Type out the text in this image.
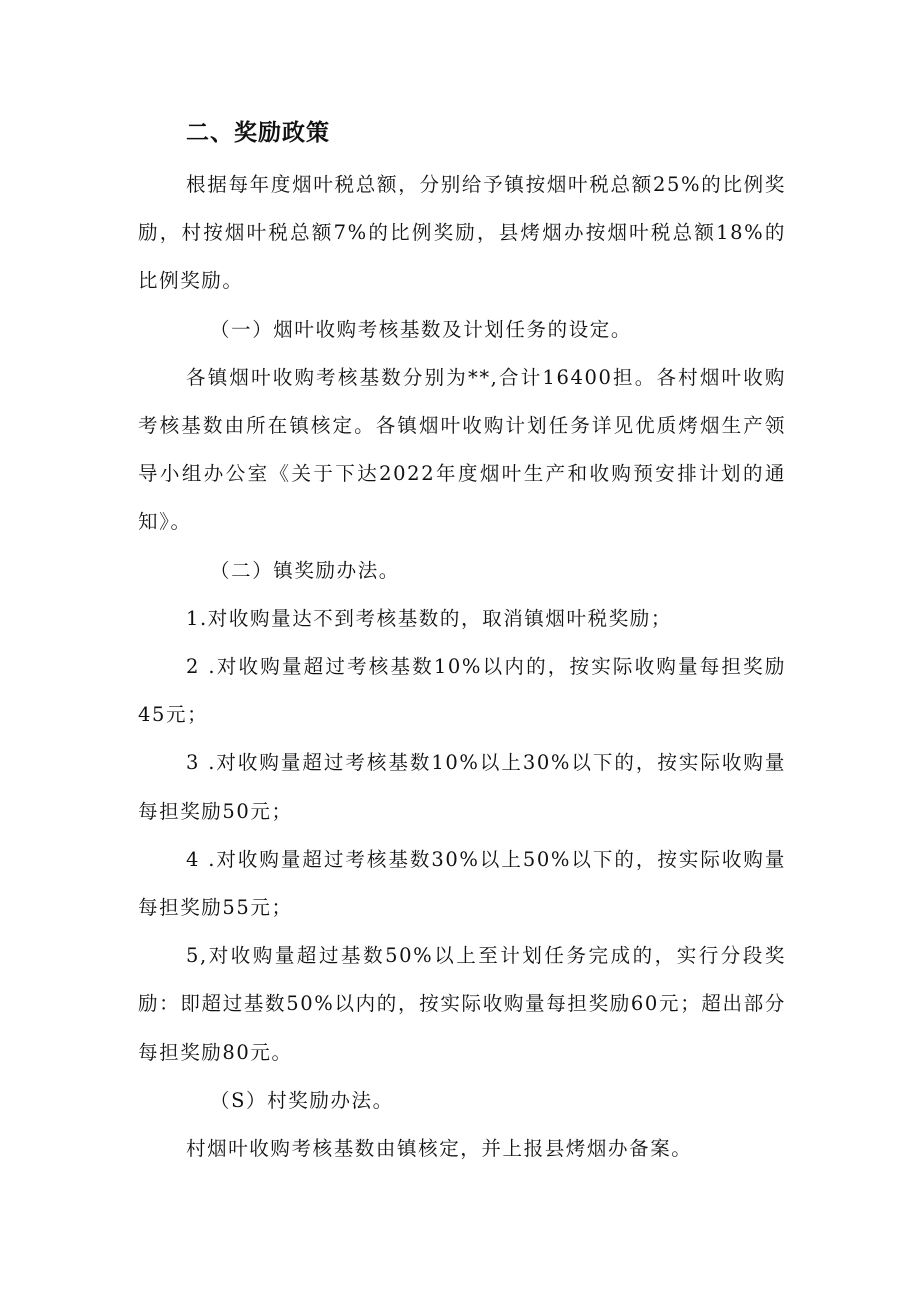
二、奖励政策

根据每年度烟叶税总额，分别给予镇按烟叶税总额25%的比例奖励，村按烟叶税总额7%的比例奖励，县烤烟办按烟叶税总额18%的比例奖励。

（一）烟叶收购考核基数及计划任务的设定。

各镇烟叶收购考核基数分别为**,合计16400担。各村烟叶收购考核基数由所在镇核定。各镇烟叶收购计划任务详见优质烤烟生产领导小组办公室《关于下达2022年度烟叶生产和收购预安排计划的通知》。

（二）镇奖励办法。

1.对收购量达不到考核基数的，取消镇烟叶税奖励；

2 .对收购量超过考核基数10%以内的，按实际收购量每担奖励45元；

3 .对收购量超过考核基数10%以上30%以下的，按实际收购量每担奖励50元；

4 .对收购量超过考核基数30%以上50%以下的，按实际收购量每担奖励55元；

5,对收购量超过基数50%以上至计划任务完成的，实行分段奖励：即超过基数50%以内的，按实际收购量每担奖励60元；超出部分每担奖励80元。

（S）村奖励办法。

村烟叶收购考核基数由镇核定，并上报县烤烟办备案。
